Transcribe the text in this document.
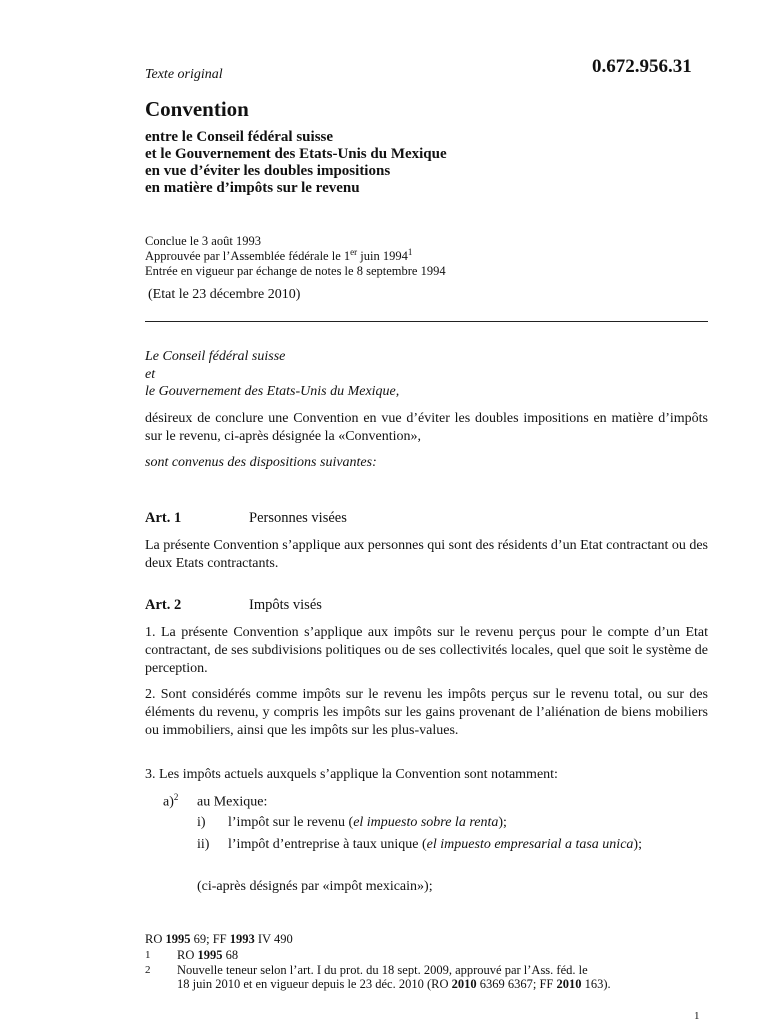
0.672.956.31
Texte original
Convention
entre le Conseil fédéral suisse
et le Gouvernement des Etats-Unis du Mexique
en vue d’éviter les doubles impositions
en matière d’impôts sur le revenu
Conclue le 3 août 1993
Approuvée par l’Assemblée fédérale le 1er juin 1994$^1$
Entrée en vigueur par échange de notes le 8 septembre 1994
(Etat le 23 décembre 2010)
Le Conseil fédéral suisse
et
le Gouvernement des Etats-Unis du Mexique,
désireux de conclure une Convention en vue d’éviter les doubles impositions en matière d’impôts sur le revenu, ci-après désignée la «Convention»,
sont convenus des dispositions suivantes:
Art. 1	Personnes visées
La présente Convention s’applique aux personnes qui sont des résidents d’un Etat contractant ou des deux Etats contractants.
Art. 2	Impôts visés
1. La présente Convention s’applique aux impôts sur le revenu perçus pour le compte d’un Etat contractant, de ses subdivisions politiques ou de ses collectivités locales, quel que soit le système de perception.
2. Sont considérés comme impôts sur le revenu les impôts perçus sur le revenu total, ou sur des éléments du revenu, y compris les impôts sur les gains provenant de l’aliénation de biens mobiliers ou immobiliers, ainsi que les impôts sur les plus-values.
3. Les impôts actuels auxquels s’applique la Convention sont notamment:
a)$^2$ au Mexique:
i) l’impôt sur le revenu (el impuesto sobre la renta);
ii) l’impôt d’entreprise à taux unique (el impuesto empresarial a tasa unica);
(ci-après désignés par «impôt mexicain»);
RO 1995 69; FF 1993 IV 490
1 RO 1995 68
2 Nouvelle teneur selon l’art. I du prot. du 18 sept. 2009, approuvé par l’Ass. féd. le
18 juin 2010 et en vigueur depuis le 23 déc. 2010 (RO 2010 6369 6367; FF 2010 163).
1
